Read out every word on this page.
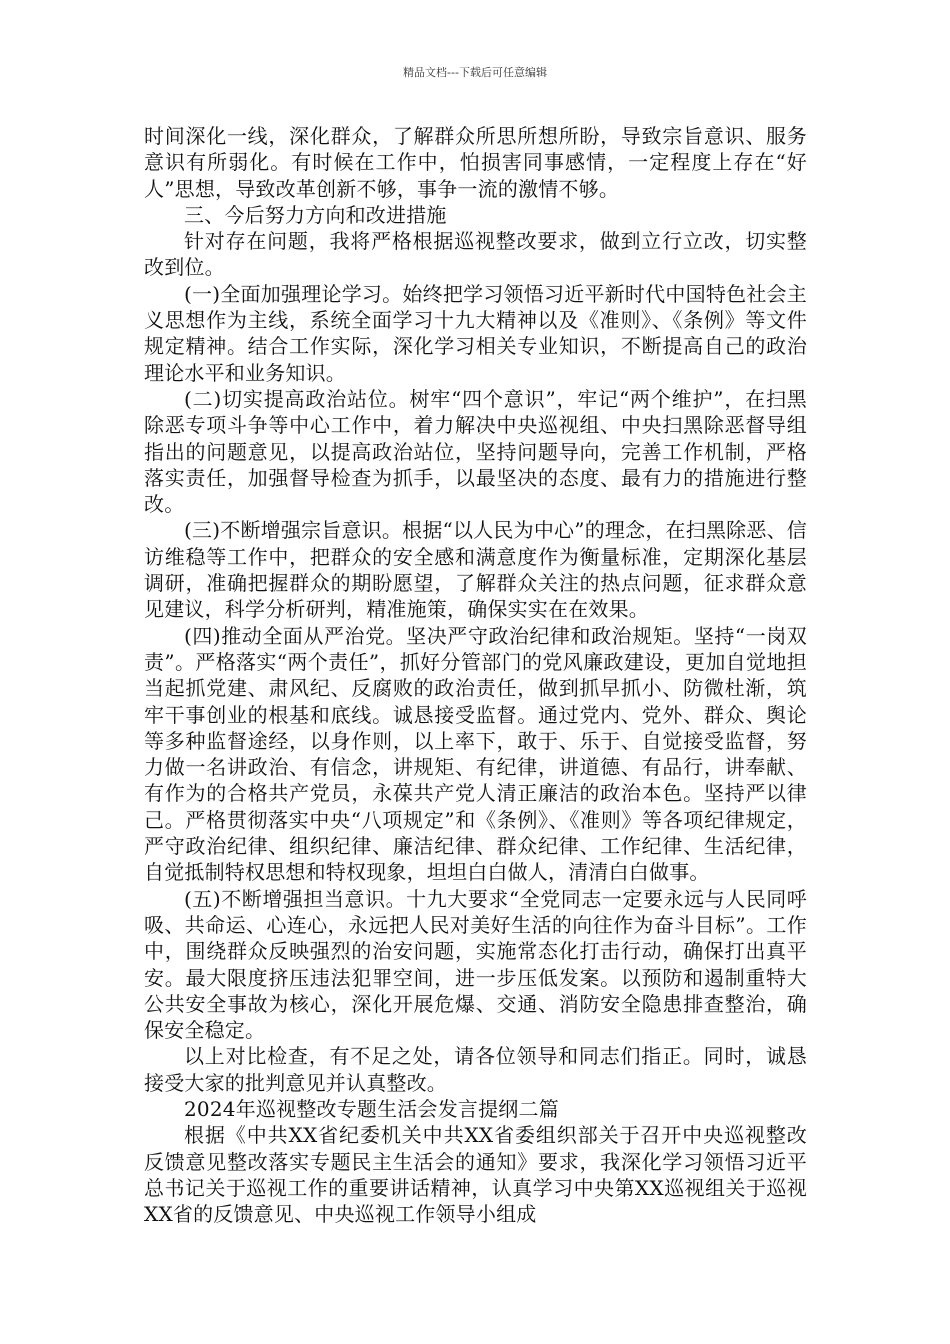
精品文档---下载后可任意编辑

时间深化一线，深化群众，了解群众所思所想所盼，导致宗旨意识、服务意识有所弱化。有时候在工作中，怕损害同事感情，一定程度上存在“好人”思想，导致改革创新不够，事争一流的激情不够。

三、今后努力方向和改进措施

针对存在问题，我将严格根据巡视整改要求，做到立行立改，切实整改到位。

(一)全面加强理论学习。始终把学习领悟习近平新时代中国特色社会主义思想作为主线，系统全面学习十九大精神以及《准则》、《条例》等文件规定精神。结合工作实际，深化学习相关专业知识，不断提高自己的政治理论水平和业务知识。

(二)切实提高政治站位。树牢“四个意识”，牢记“两个维护”，在扫黑除恶专项斗争等中心工作中，着力解决中央巡视组、中央扫黑除恶督导组指出的问题意见，以提高政治站位，坚持问题导向，完善工作机制，严格落实责任，加强督导检查为抓手，以最坚决的态度、最有力的措施进行整改。

(三)不断增强宗旨意识。根据“以人民为中心”的理念，在扫黑除恶、信访维稳等工作中，把群众的安全感和满意度作为衡量标准，定期深化基层调研，准确把握群众的期盼愿望，了解群众关注的热点问题，征求群众意见建议，科学分析研判，精准施策，确保实实在在效果。

(四)推动全面从严治党。坚决严守政治纪律和政治规矩。坚持“一岗双责”。严格落实“两个责任”，抓好分管部门的党风廉政建设，更加自觉地担当起抓党建、肃风纪、反腐败的政治责任，做到抓早抓小、防微杜渐，筑牢干事创业的根基和底线。诚恳接受监督。通过党内、党外、群众、舆论等多种监督途经，以身作则，以上率下，敢于、乐于、自觉接受监督，努力做一名讲政治、有信念，讲规矩、有纪律，讲道德、有品行，讲奉献、有作为的合格共产党员，永葆共产党人清正廉洁的政治本色。坚持严以律己。严格贯彻落实中央“八项规定”和《条例》、《准则》等各项纪律规定，严守政治纪律、组织纪律、廉洁纪律、群众纪律、工作纪律、生活纪律，自觉抵制特权思想和特权现象，坦坦白白做人，清清白白做事。

(五)不断增强担当意识。十九大要求“全党同志一定要永远与人民同呼吸、共命运、心连心，永远把人民对美好生活的向往作为奋斗目标”。工作中，围绕群众反映强烈的治安问题，实施常态化打击行动，确保打出真平安。最大限度挤压违法犯罪空间，进一步压低发案。以预防和遏制重特大公共安全事故为核心，深化开展危爆、交通、消防安全隐患排查整治，确保安全稳定。

以上对比检查，有不足之处，请各位领导和同志们指正。同时，诚恳接受大家的批判意见并认真整改。

2024年巡视整改专题生活会发言提纲二篇

根据《中共XX省纪委机关中共XX省委组织部关于召开中央巡视整改反馈意见整改落实专题民主生活会的通知》要求，我深化学习领悟习近平总书记关于巡视工作的重要讲话精神，认真学习中央第XX巡视组关于巡视XX省的反馈意见、中央巡视工作领导小组成
